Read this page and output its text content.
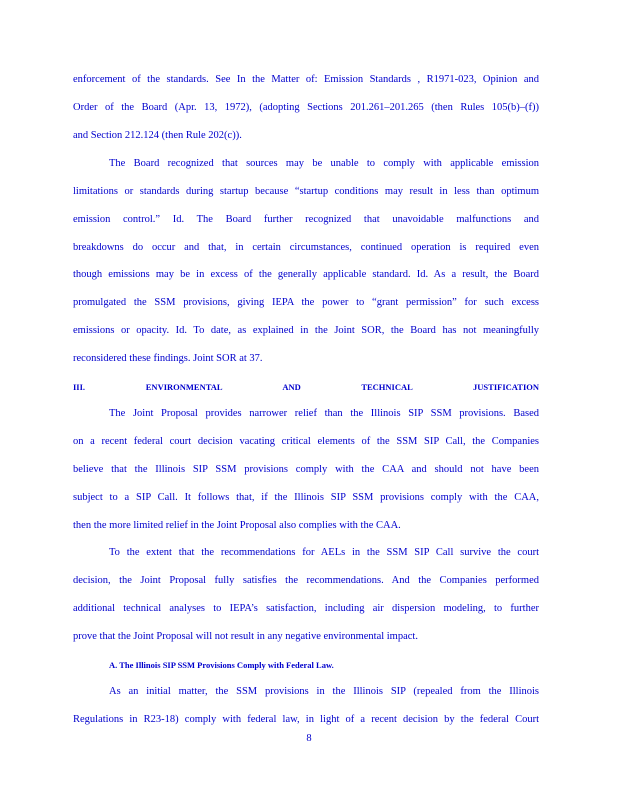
enforcement of the standards. See In the Matter of: Emission Standards , R1971-023, Opinion and
Order of the Board (Apr. 13, 1972), (adopting Sections 201.261–201.265 (then Rules 105(b)–(f))
and Section 212.124 (then Rule 202(c)).
The Board recognized that sources may be unable to comply with applicable emission
limitations or standards during startup because “startup conditions may result in less than optimum
emission control.” Id. The Board further recognized that unavoidable malfunctions and
breakdowns do occur and that, in certain circumstances, continued operation is required even
though emissions may be in excess of the generally applicable standard. Id. As a result, the Board
promulgated the SSM provisions, giving IEPA the power to “grant permission” for such excess
emissions or opacity. Id. To date, as explained in the Joint SOR, the Board has not meaningfully
reconsidered these findings. Joint SOR at 37.
III. ENVIRONMENTAL AND TECHNICAL JUSTIFICATION
The Joint Proposal provides narrower relief than the Illinois SIP SSM provisions. Based
on a recent federal court decision vacating critical elements of the SSM SIP Call, the Companies
believe that the Illinois SIP SSM provisions comply with the CAA and should not have been
subject to a SIP Call. It follows that, if the Illinois SIP SSM provisions comply with the CAA,
then the more limited relief in the Joint Proposal also complies with the CAA.
To the extent that the recommendations for AELs in the SSM SIP Call survive the court
decision, the Joint Proposal fully satisfies the recommendations. And the Companies performed
additional technical analyses to IEPA’s satisfaction, including air dispersion modeling, to further
prove that the Joint Proposal will not result in any negative environmental impact.
A. The Illinois SIP SSM Provisions Comply with Federal Law.
As an initial matter, the SSM provisions in the Illinois SIP (repealed from the Illinois
Regulations in R23-18) comply with federal law, in light of a recent decision by the federal Court
8
